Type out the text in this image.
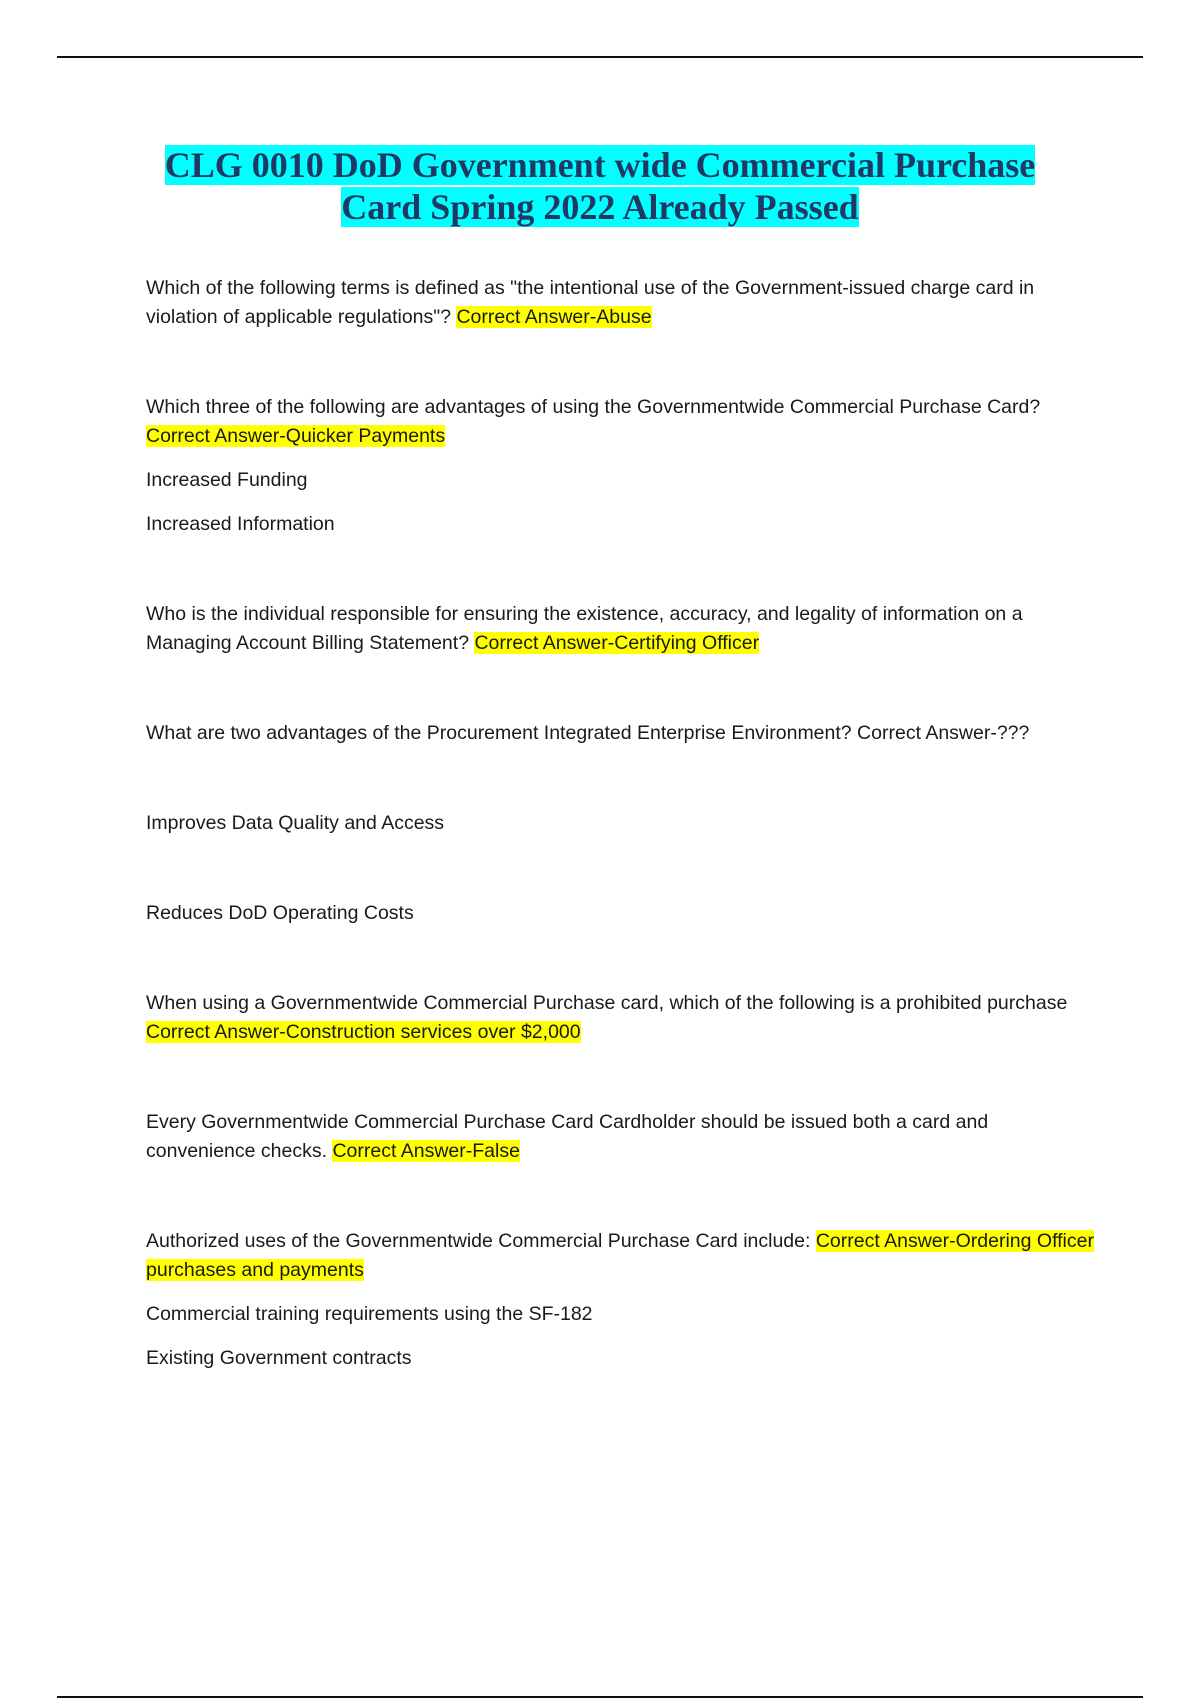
CLG 0010 DoD Government wide Commercial Purchase
Card Spring 2022 Already Passed

Which of the following terms is defined as "the intentional use of the Government-issued charge card in violation of applicable regulations"? Correct Answer-Abuse

Which three of the following are advantages of using the Governmentwide Commercial Purchase Card? Correct Answer-Quicker Payments

Increased Funding

Increased Information

Who is the individual responsible for ensuring the existence, accuracy, and legality of information on a Managing Account Billing Statement? Correct Answer-Certifying Officer

What are two advantages of the Procurement Integrated Enterprise Environment? Correct Answer-???

Improves Data Quality and Access

Reduces DoD Operating Costs

When using a Governmentwide Commercial Purchase card, which of the following is a prohibited purchase Correct Answer-Construction services over $2,000

Every Governmentwide Commercial Purchase Card Cardholder should be issued both a card and convenience checks. Correct Answer-False

Authorized uses of the Governmentwide Commercial Purchase Card include: Correct Answer-Ordering Officer purchases and payments

Commercial training requirements using the SF-182

Existing Government contracts
